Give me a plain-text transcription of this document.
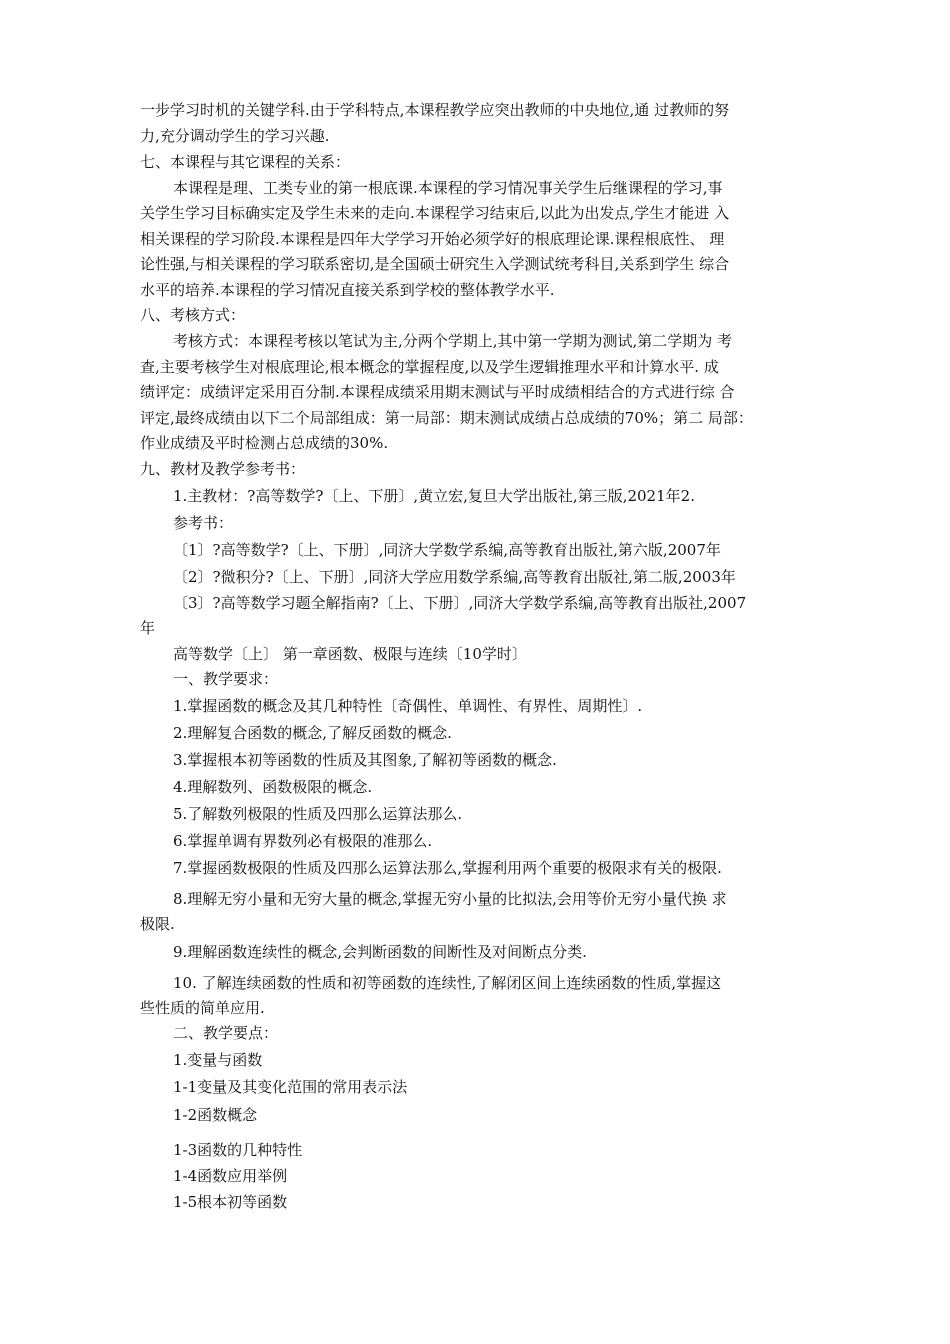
一步学习时机的关键学科.由于学科特点,本课程教学应突出教师的中央地位,通 过教师的努
力,充分调动学生的学习兴趣.
七、本课程与其它课程的关系：
本课程是理、工类专业的第一根底课.本课程的学习情况事关学生后继课程的学习,事
关学生学习目标确实定及学生未来的走向.本课程学习结束后,以此为出发点,学生才能进 入
相关课程的学习阶段.本课程是四年大学学习开始必须学好的根底理论课.课程根底性、 理
论性强,与相关课程的学习联系密切,是全国硕士研究生入学测试统考科目,关系到学生 综合
水平的培养.本课程的学习情况直接关系到学校的整体教学水平.
八、考核方式：
考核方式：本课程考核以笔试为主,分两个学期上,其中第一学期为测试,第二学期为 考
查,主要考核学生对根底理论,根本概念的掌握程度,以及学生逻辑推理水平和计算水平. 成
绩评定：成绩评定采用百分制.本课程成绩采用期末测试与平时成绩相结合的方式进行综 合
评定,最终成绩由以下二个局部组成：第一局部：期末测试成绩占总成绩的70%；第二 局部：
作业成绩及平时检测占总成绩的30%.
九、教材及教学参考书：
1.主教材：?高等数学?〔上、下册〕,黄立宏,复旦大学出版社,第三版,2021年2.
参考书：
〔1〕?高等数学?〔上、下册〕,同济大学数学系编,高等教育出版社,第六版,2007年
〔2〕?微积分?〔上、下册〕,同济大学应用数学系编,高等教育出版社,第二版,2003年
〔3〕?高等数学习题全解指南?〔上、下册〕,同济大学数学系编,高等教育出版社,2007
年
高等数学〔上〕 第一章函数、极限与连续〔10学时〕
一、教学要求：
1.掌握函数的概念及其几种特性〔奇偶性、单调性、有界性、周期性〕.
2.理解复合函数的概念,了解反函数的概念.
3.掌握根本初等函数的性质及其图象,了解初等函数的概念.
4.理解数列、函数极限的概念.
5.了解数列极限的性质及四那么运算法那么.
6.掌握单调有界数列必有极限的准那么.
7.掌握函数极限的性质及四那么运算法那么,掌握利用两个重要的极限求有关的极限.
8.理解无穷小量和无穷大量的概念,掌握无穷小量的比拟法,会用等价无穷小量代换 求
极限.
9.理解函数连续性的概念,会判断函数的间断性及对间断点分类.
10. 了解连续函数的性质和初等函数的连续性,了解闭区间上连续函数的性质,掌握这
些性质的简单应用.
二、教学要点：
1.变量与函数
1-1变量及其变化范围的常用表示法
1-2函数概念
1-3函数的几种特性
1-4函数应用举例
1-5根本初等函数
